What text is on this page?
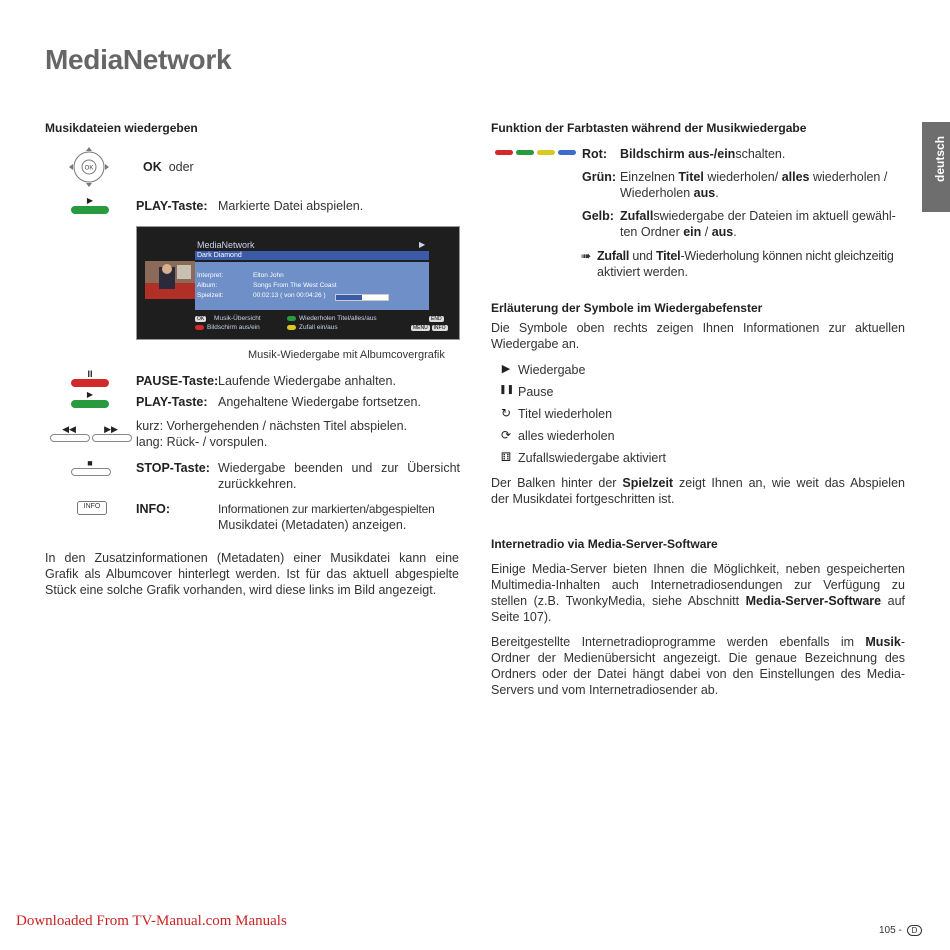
MediaNetwork
deutsch
Musikdateien wiedergeben
OK	OK oder
▶	PLAY-Taste: Markierte Datei abspielen.
MediaNetwork	▶
Dark Diamond
Interpret:	Elton John
Album:	Songs From The West Coast
Spielzeit:	00:02:13 ( von 00:04:26 )
OK Musik-Übersicht
Bildschirm aus/ein
Wiederholen Titel/alles/aus
Zufall ein/aus
END
MENU INFO
Musik-Wiedergabe mit Albumcovergrafik
II	PAUSE-Taste: Laufende Wiedergabe anhalten.
▶
PLAY-Taste: Angehaltene Wiedergabe fortsetzen.
◀◀	▶▶	kurz: Vorhergehenden / nächsten Titel abspielen.
lang: Rück- / vorspulen.
■	STOP-Taste: Wiedergabe beenden und zur Übersicht
zurückkehren.
INFO	INFO:	Informationen zur markierten/abgespielten
Musikdatei (Metadaten) anzeigen.
In den Zusatzinformationen (Metadaten) einer Musikdatei kann eine
Grafik als Albumcover hinterlegt werden. Ist für das aktuell abgespielte
Stück eine solche Grafik vorhanden, wird diese links im Bild angezeigt.
Funktion der Farbtasten während der Musikwiedergabe
Rot: Bildschirm aus-/einschalten.
Grün: Einzelnen Titel wiederholen/ alles wiederholen /
Wiederholen aus.
Gelb: Zufallswiedergabe der Dateien im aktuell gewähl-
ten Ordner ein / aus.
➠ Zufall und Titel-Wiederholung können nicht gleichzeitig
aktiviert werden.
Erläuterung der Symbole im Wiedergabefenster
Die Symbole oben rechts zeigen Ihnen Informationen zur aktuellen
Wiedergabe an.
▶ Wiedergabe
❚❚ Pause
↻ Titel wiederholen
⟳ alles wiederholen
⚅ Zufallswiedergabe aktiviert
Der Balken hinter der Spielzeit zeigt Ihnen an, wie weit das Abspielen
der Musikdatei fortgeschritten ist.
Internetradio via Media-Server-Software
Einige Media-Server bieten Ihnen die Möglichkeit, neben gespeicherten
Multimedia-Inhalten auch Internetradiosendungen zur Verfügung zu
stellen (z.B. TwonkyMedia, siehe Abschnitt Media-Server-Software auf
Seite 107).
Bereitgestellte Internetradioprogramme werden ebenfalls im Musik-
Ordner der Medienübersicht angezeigt. Die genaue Bezeichnung des
Ordners oder der Datei hängt dabei von den Einstellungen des Media-
Servers und vom Internetradiosender ab.
Downloaded From TV-Manual.com Manuals
105 - D
